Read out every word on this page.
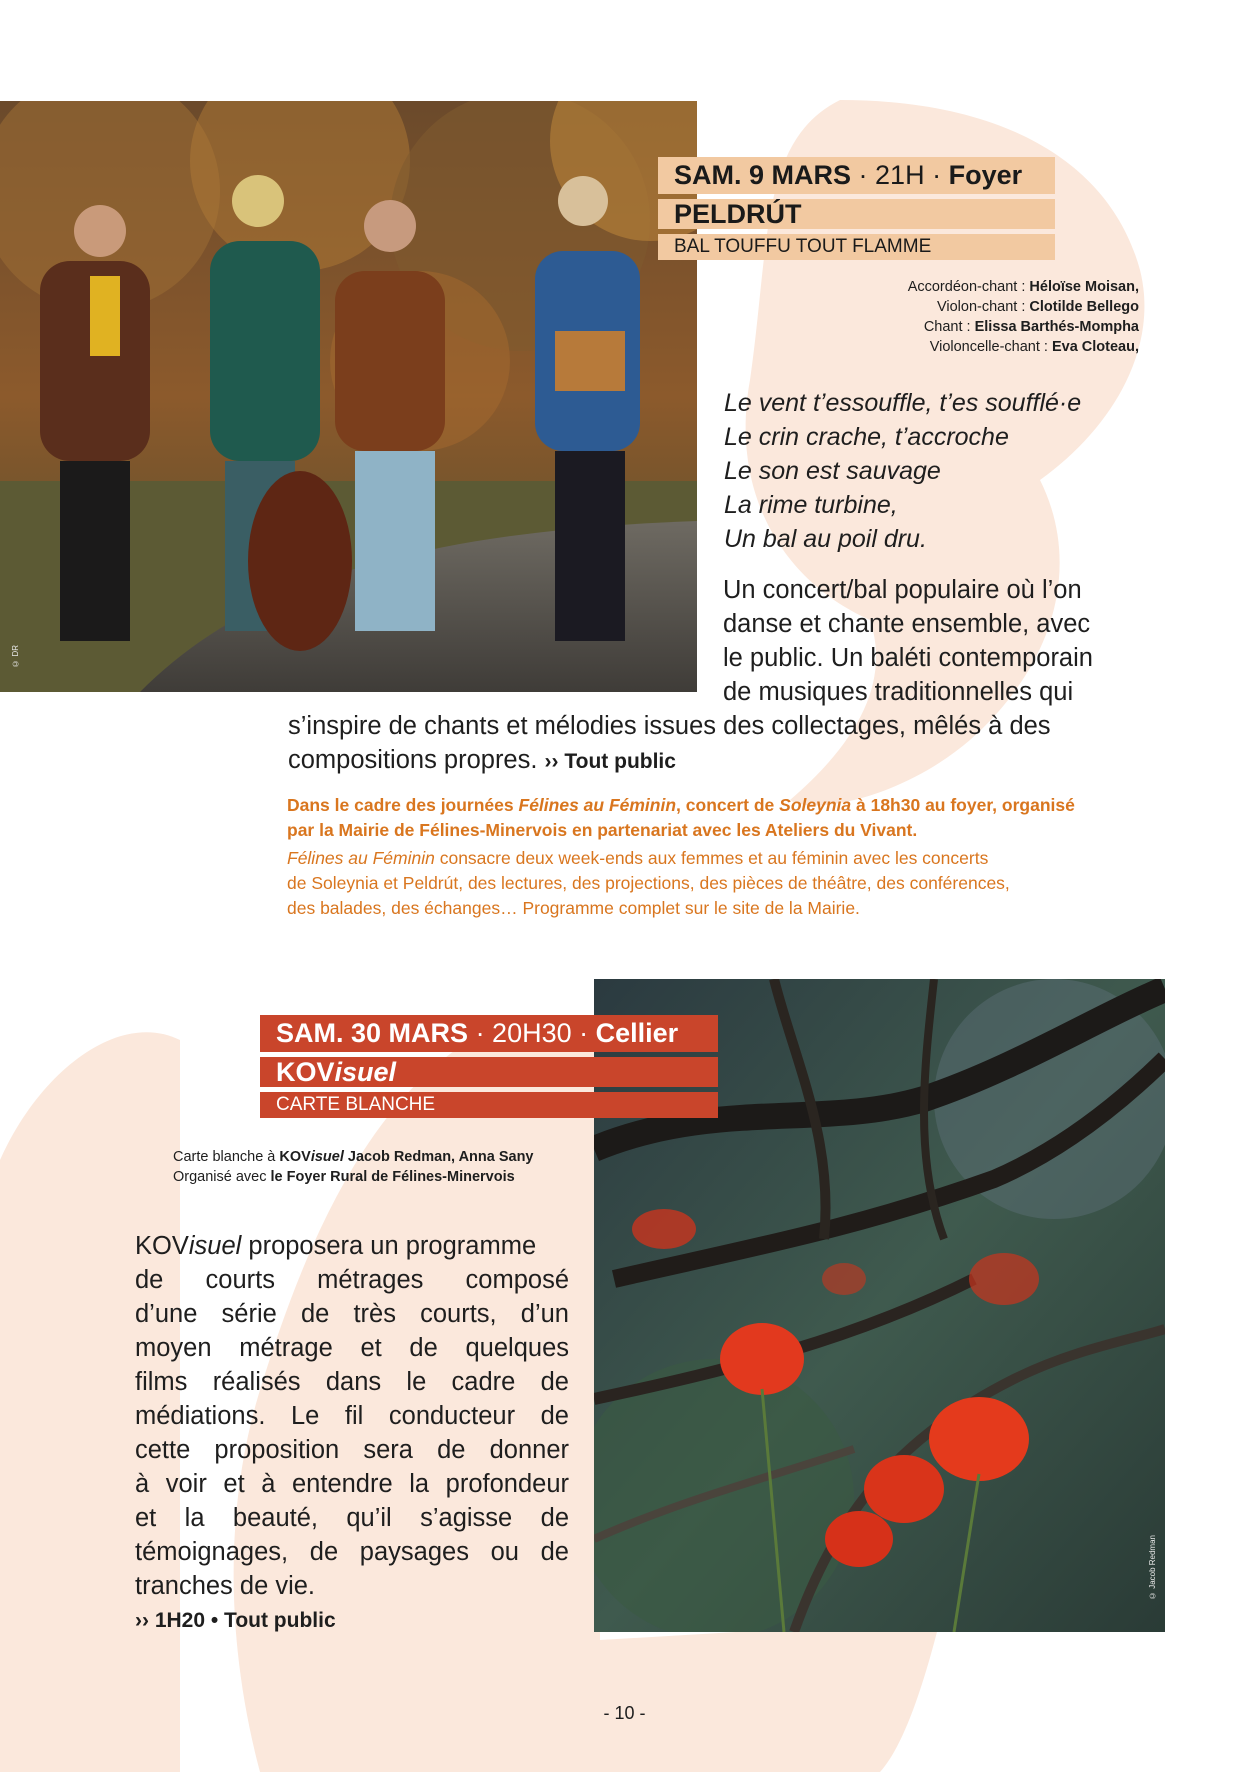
© DR
SAM. 9 MARS · 21H · Foyer
PELDRÚT
BAL TOUFFU TOUT FLAMME
Accordéon-chant : Héloïse Moisan,
Violon-chant : Clotilde Bellego
Chant : Elissa Barthés-Mompha
Violoncelle-chant : Eva Cloteau,
Le vent t’essouffle, t’es soufflé·e
Le crin crache, t’accroche
Le son est sauvage
La rime turbine,
Un bal au poil dru.
Un concert/bal populaire où l’on
danse et chante ensemble, avec
le public. Un baléti contemporain
de musiques traditionnelles qui
s’inspire de chants et mélodies issues des collectages, mêlés à des
compositions propres. ›› Tout public
Dans le cadre des journées Félines au Féminin, concert de Soleynia à 18h30 au foyer, organisé
par la Mairie de Félines-Minervois en partenariat avec les Ateliers du Vivant.
Félines au Féminin consacre deux week-ends aux femmes et au féminin avec les concerts
de Soleynia et Peldrút, des lectures, des projections, des pièces de théâtre, des conférences,
des balades, des échanges… Programme complet sur le site de la Mairie.
© Jacob Redman
SAM. 30 MARS · 20H30 · Cellier
KOVisuel
CARTE BLANCHE
Carte blanche à KOVisuel Jacob Redman, Anna Sany
Organisé avec le Foyer Rural de Félines-Minervois
KOVisuel proposera un programme
de courts métrages composé
d’une série de très courts, d’un
moyen métrage et de quelques
films réalisés dans le cadre de
médiations. Le fil conducteur de
cette proposition sera de donner
à voir et à entendre la profondeur
et la beauté, qu’il s’agisse de
témoignages, de paysages ou de
tranches de vie.
›› 1H20 • Tout public
- 10 -
